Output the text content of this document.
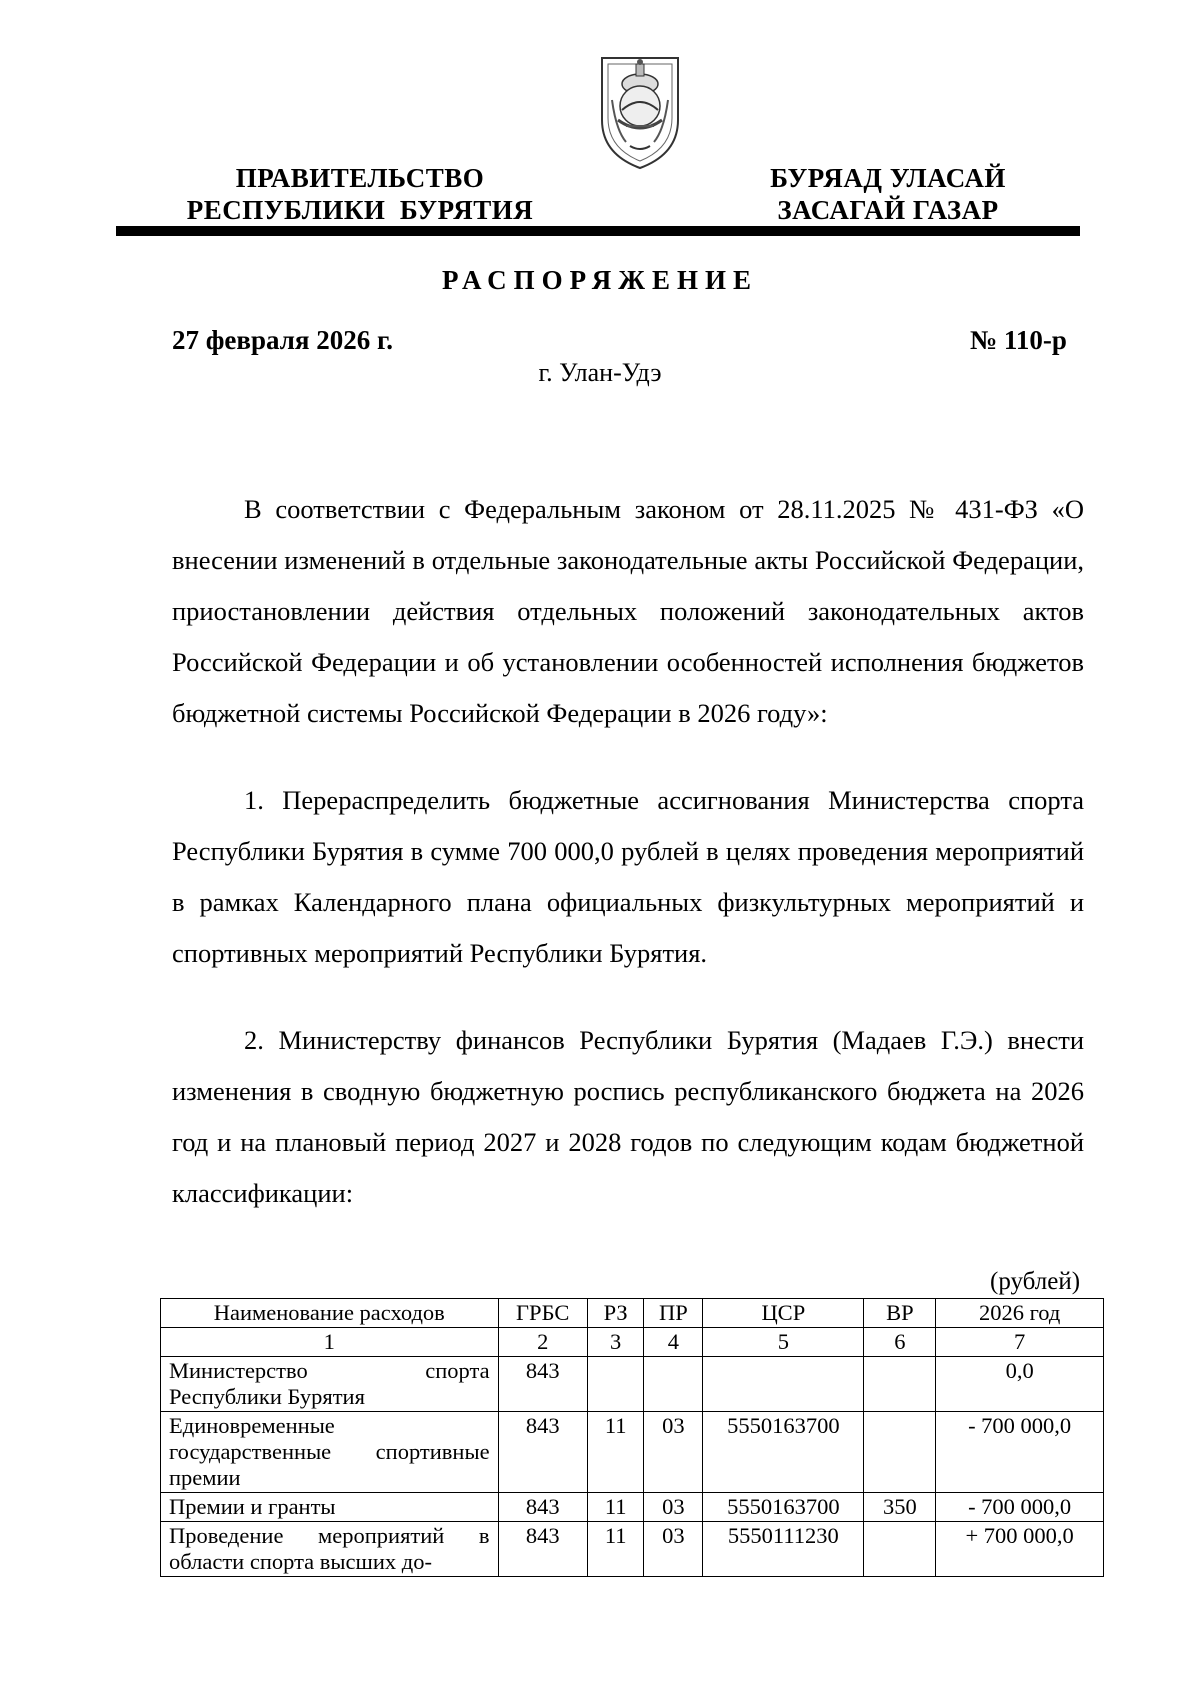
ПРАВИТЕЛЬСТВО
РЕСПУБЛИКИ  БУРЯТИЯ
БУРЯАД УЛАСАЙ
ЗАСАГАЙ ГАЗАР
РАСПОРЯЖЕНИЕ
27 февраля 2026 г.	№ 110-р
г. Улан-Удэ
В соответствии с Федеральным законом от 28.11.2025 № 431-ФЗ «О внесении изменений в отдельные законодательные акты Российской Федерации, приостановлении действия отдельных положений законодательных актов Российской Федерации и об установлении особенностей исполнения бюджетов бюджетной системы Российской Федерации в 2026 году»:
1. Перераспределить бюджетные ассигнования Министерства спорта Республики Бурятия в сумме 700 000,0 рублей в целях проведения мероприятий в рамках Календарного плана официальных физкультурных мероприятий и спортивных мероприятий Республики Бурятия.
2. Министерству финансов Республики Бурятия (Мадаев Г.Э.) внести изменения в сводную бюджетную роспись республиканского бюджета на 2026 год и на плановый период 2027 и 2028 годов по следующим кодам бюджетной классификации:
(рублей)
Наименование расходов	ГРБС	РЗ	ПР	ЦСР	ВР	2026 год
1	2	3	4	5	6	7
Министерство спорта Республики Бурятия	843					0,0
Единовременные государственные спортивные премии	843	11	03	5550163700		- 700 000,0
Премии и гранты	843	11	03	5550163700	350	- 700 000,0
Проведение мероприятий в области спорта высших до-	843	11	03	5550111230		+ 700 000,0
